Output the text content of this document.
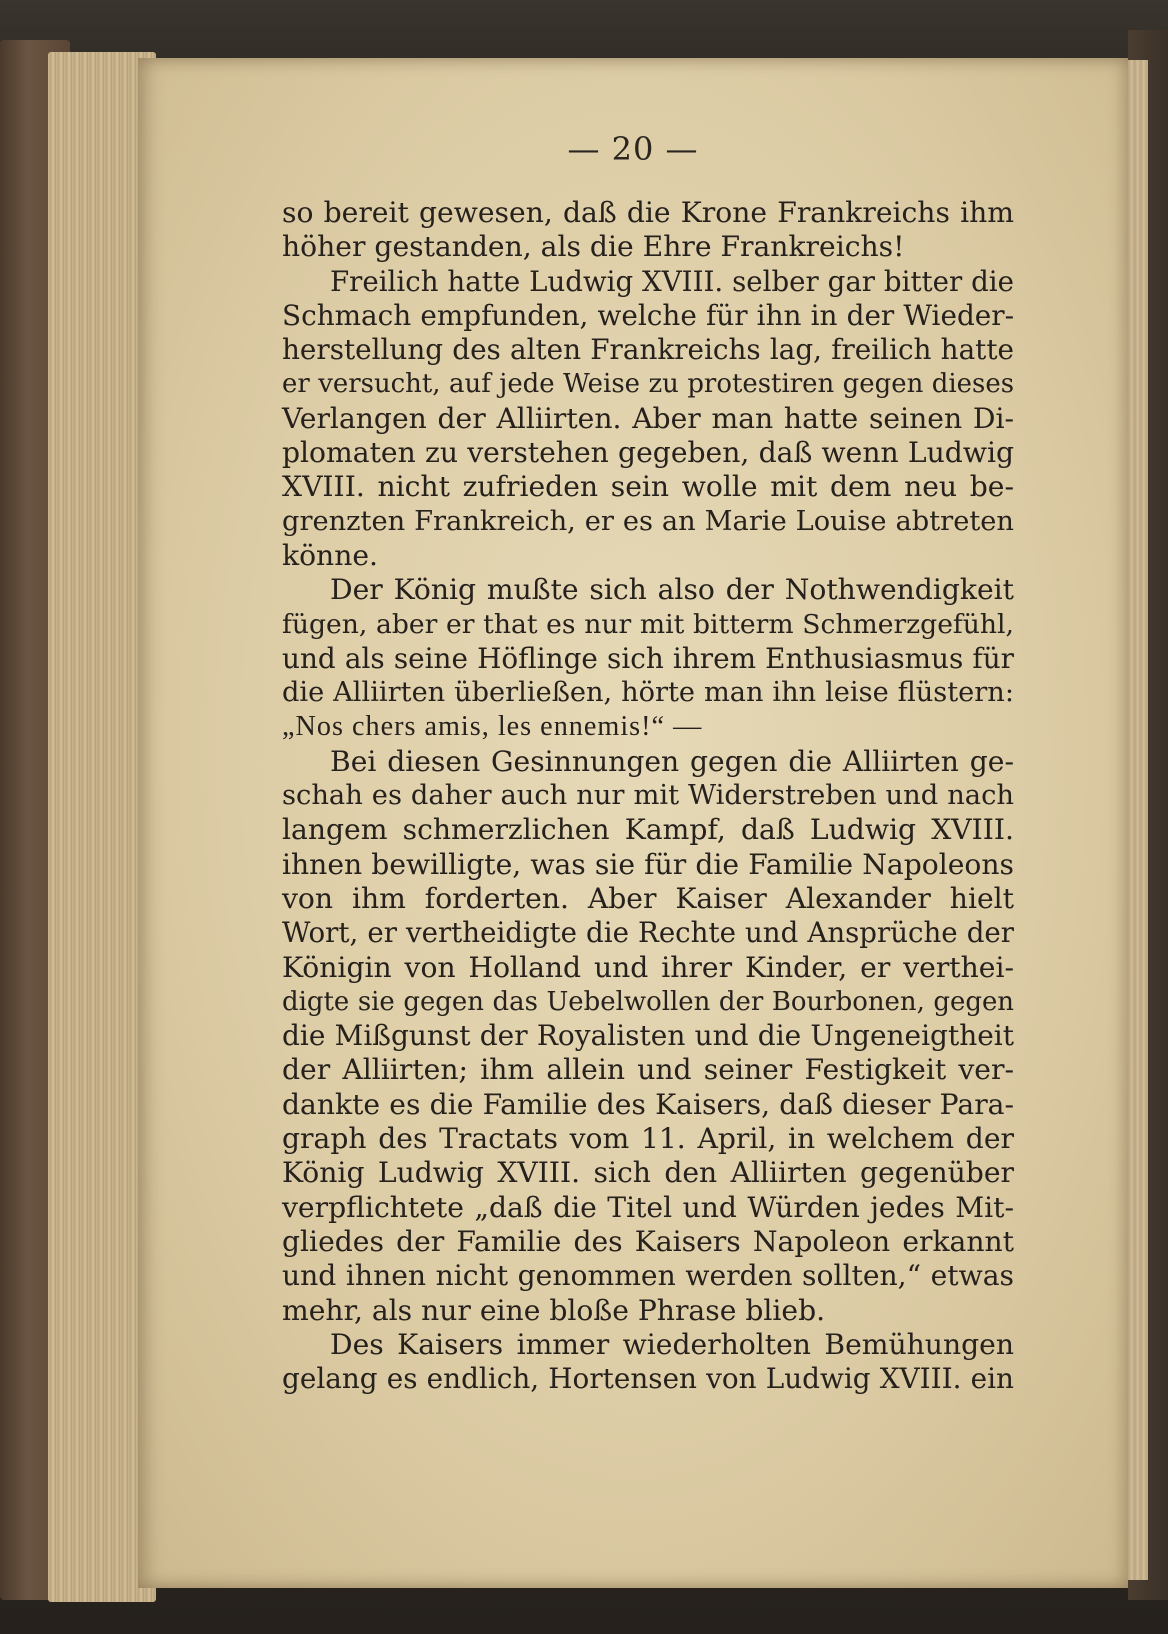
— 20 —
so bereit gewesen, daß die Krone Frankreichs ihm
höher gestanden, als die Ehre Frankreichs!
Freilich hatte Ludwig XVIII. selber gar bitter die
Schmach empfunden, welche für ihn in der Wieder-
herstellung des alten Frankreichs lag, freilich hatte
er versucht, auf jede Weise zu protestiren gegen dieses
Verlangen der Alliirten. Aber man hatte seinen Di-
plomaten zu verstehen gegeben, daß wenn Ludwig
XVIII. nicht zufrieden sein wolle mit dem neu be-
grenzten Frankreich, er es an Marie Louise abtreten
könne.
Der König mußte sich also der Nothwendigkeit
fügen, aber er that es nur mit bitterm Schmerzgefühl,
und als seine Höflinge sich ihrem Enthusiasmus für
die Alliirten überließen, hörte man ihn leise flüstern:
„Nos chers amis, les ennemis!“ —
Bei diesen Gesinnungen gegen die Alliirten ge-
schah es daher auch nur mit Widerstreben und nach
langem schmerzlichen Kampf, daß Ludwig XVIII.
ihnen bewilligte, was sie für die Familie Napoleons
von ihm forderten. Aber Kaiser Alexander hielt
Wort, er vertheidigte die Rechte und Ansprüche der
Königin von Holland und ihrer Kinder, er verthei-
digte sie gegen das Uebelwollen der Bourbonen, gegen
die Mißgunst der Royalisten und die Ungeneigtheit
der Alliirten; ihm allein und seiner Festigkeit ver-
dankte es die Familie des Kaisers, daß dieser Para-
graph des Tractats vom 11. April, in welchem der
König Ludwig XVIII. sich den Alliirten gegenüber
verpflichtete „daß die Titel und Würden jedes Mit-
gliedes der Familie des Kaisers Napoleon erkannt
und ihnen nicht genommen werden sollten,“ etwas
mehr, als nur eine bloße Phrase blieb.
Des Kaisers immer wiederholten Bemühungen
gelang es endlich, Hortensen von Ludwig XVIII. ein
